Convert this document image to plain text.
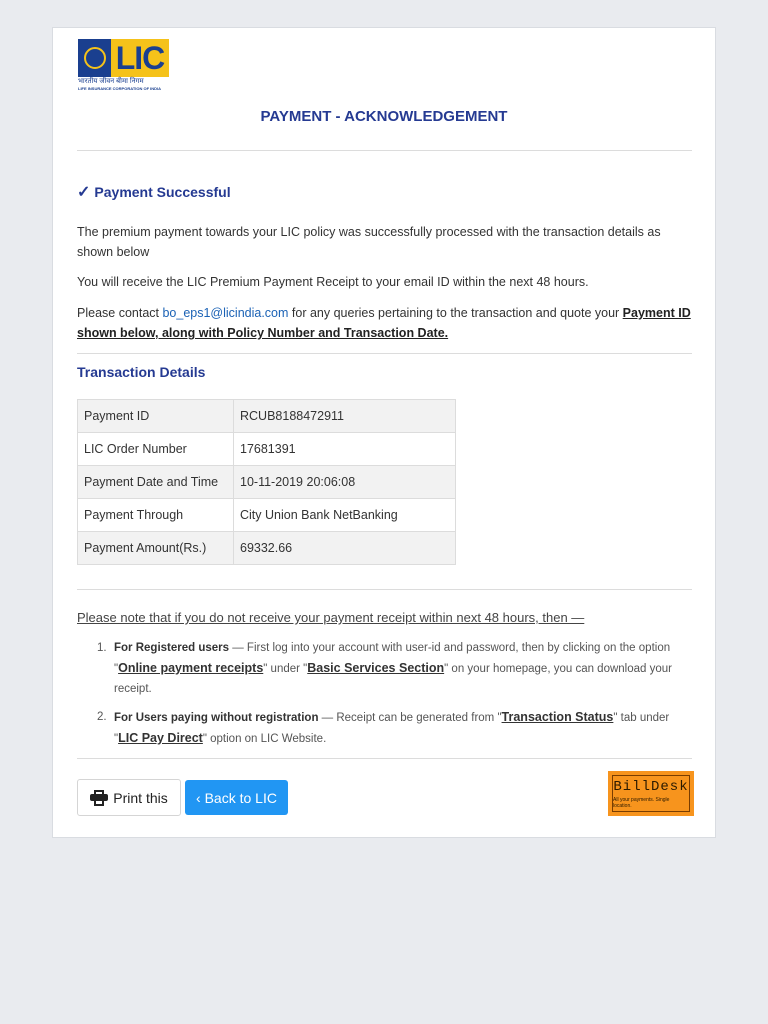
LIC
भारतीय जीवन बीमा निगम
LIFE INSURANCE CORPORATION OF INDIA
PAYMENT - ACKNOWLEDGEMENT
✓ Payment Successful
The premium payment towards your LIC policy was successfully processed with the transaction details as shown below
You will receive the LIC Premium Payment Receipt to your email ID within the next 48 hours.
Please contact bo_eps1@licindia.com for any queries pertaining to the transaction and quote your Payment ID shown below, along with Policy Number and Transaction Date.
Transaction Details
Payment ID	RCUB8188472911
LIC Order Number	17681391
Payment Date and Time	10-11-2019 20:06:08
Payment Through	City Union Bank NetBanking
Payment Amount(Rs.)	69332.66
Please note that if you do not receive your payment receipt within next 48 hours, then —
1. For Registered users — First log into your account with user-id and password, then by clicking on the option "Online payment receipts" under "Basic Services Section" on your homepage, you can download your receipt.
2. For Users paying without registration — Receipt can be generated from "Transaction Status" tab under "LIC Pay Direct" option on LIC Website.
Print this	‹ Back to LIC
BillDesk
All your payments. Single location.
